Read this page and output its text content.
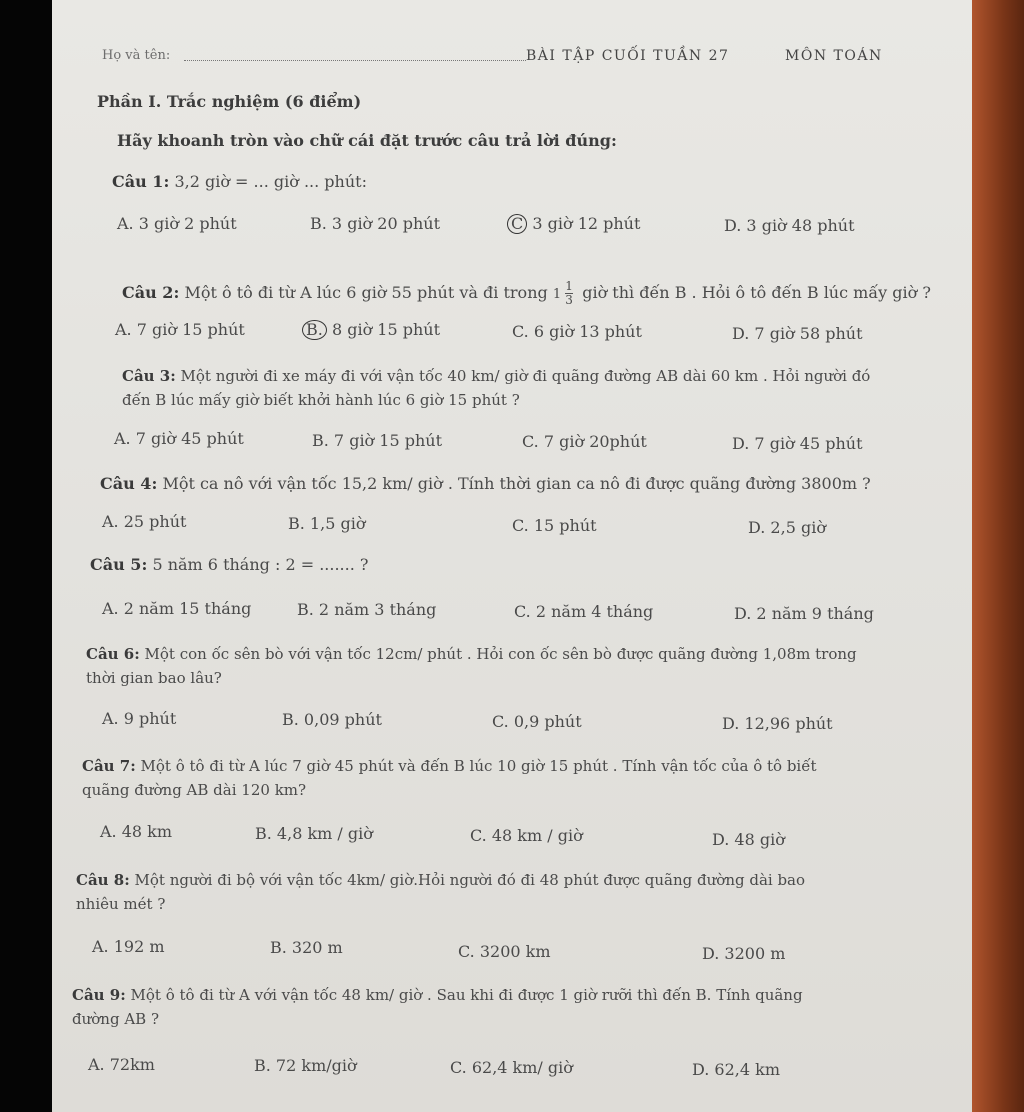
Họ và tên:	BÀI TẬP CUỐI TUẦN 27	MÔN TOÁN
Phần I. Trắc nghiệm (6 điểm)
Hãy khoanh tròn vào chữ cái đặt trước câu trả lời đúng:
Câu 1: 3,2 giờ = ... giờ ... phút:
A. 3 giờ 2 phút	B. 3 giờ 20 phút	C 3 giờ 12 phút	D. 3 giờ 48 phút
Câu 2: Một ô tô đi từ A lúc 6 giờ 55 phút và đi trong $1 \frac{1}{3}$ giờ thì đến B . Hỏi ô tô đến B lúc mấy giờ ?
A. 7 giờ 15 phút	B. 8 giờ 15 phút	C. 6 giờ 13 phút	D. 7 giờ 58 phút
Câu 3: Một người đi xe máy đi với vận tốc 40 km/ giờ đi quãng đường AB dài 60 km . Hỏi người đó
đến B lúc mấy giờ biết khởi hành lúc 6 giờ 15 phút ?
A. 7 giờ 45 phút	B. 7 giờ 15 phút	C. 7 giờ 20phút	D. 7 giờ 45 phút
Câu 4: Một ca nô với vận tốc 15,2 km/ giờ . Tính thời gian ca nô đi được quãng đường 3800m ?
A. 25 phút	B. 1,5 giờ	C. 15 phút	D. 2,5 giờ
Câu 5: 5 năm 6 tháng : 2 = ....... ?
A. 2 năm 15 tháng	B. 2 năm 3 tháng	C. 2 năm 4 tháng	D. 2 năm 9 tháng
Câu 6: Một con ốc sên bò với vận tốc 12cm/ phút . Hỏi con ốc sên bò được quãng đường 1,08m trong
thời gian bao lâu?
A. 9 phút	B. 0,09 phút	C. 0,9 phút	D. 12,96 phút
Câu 7: Một ô tô đi từ A lúc 7 giờ 45 phút và đến B lúc 10 giờ 15 phút . Tính vận tốc của ô tô biết
quãng đường AB dài 120 km?
A. 48 km	B. 4,8 km / giờ	C. 48 km / giờ	D. 48 giờ
Câu 8: Một người đi bộ với vận tốc 4km/ giờ.Hỏi người đó đi 48 phút được quãng đường dài bao
nhiêu mét ?
A. 192 m	B. 320 m	C. 3200 km	D. 3200 m
Câu 9: Một ô tô đi từ A với vận tốc 48 km/ giờ . Sau khi đi được 1 giờ rưỡi thì đến B. Tính quãng
đường AB ?
A. 72km	B. 72 km/giờ	C. 62,4 km/ giờ	D. 62,4 km
